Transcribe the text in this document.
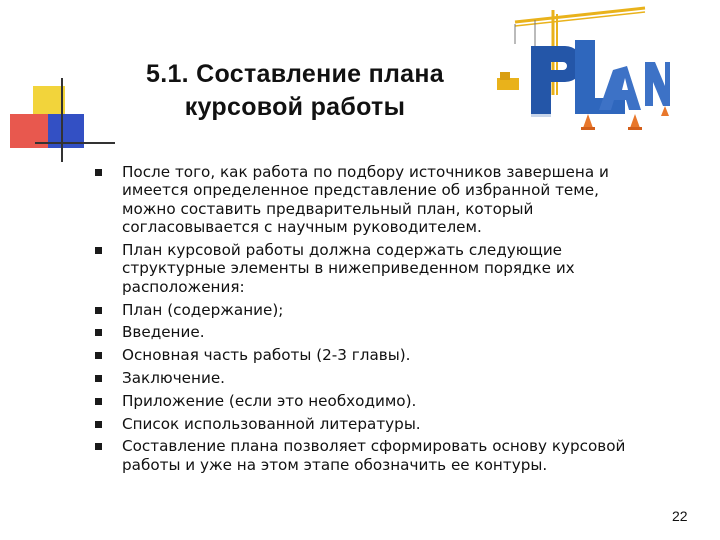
5.1. Составление плана
курсовой работы
После того, как работа по подбору источников завершена и имеется определенное представление об избранной теме, можно составить предварительный план, который согласовывается с научным руководителем.
План курсовой работы должна содержать следующие структурные элементы в нижеприведенном порядке их расположения:
План (содержание);
Введение.
Основная часть работы (2-3 главы).
Заключение.
Приложение (если это необходимо).
Список использованной литературы.
Составление плана позволяет сформировать основу курсовой работы и уже на этом этапе обозначить ее контуры.
22
